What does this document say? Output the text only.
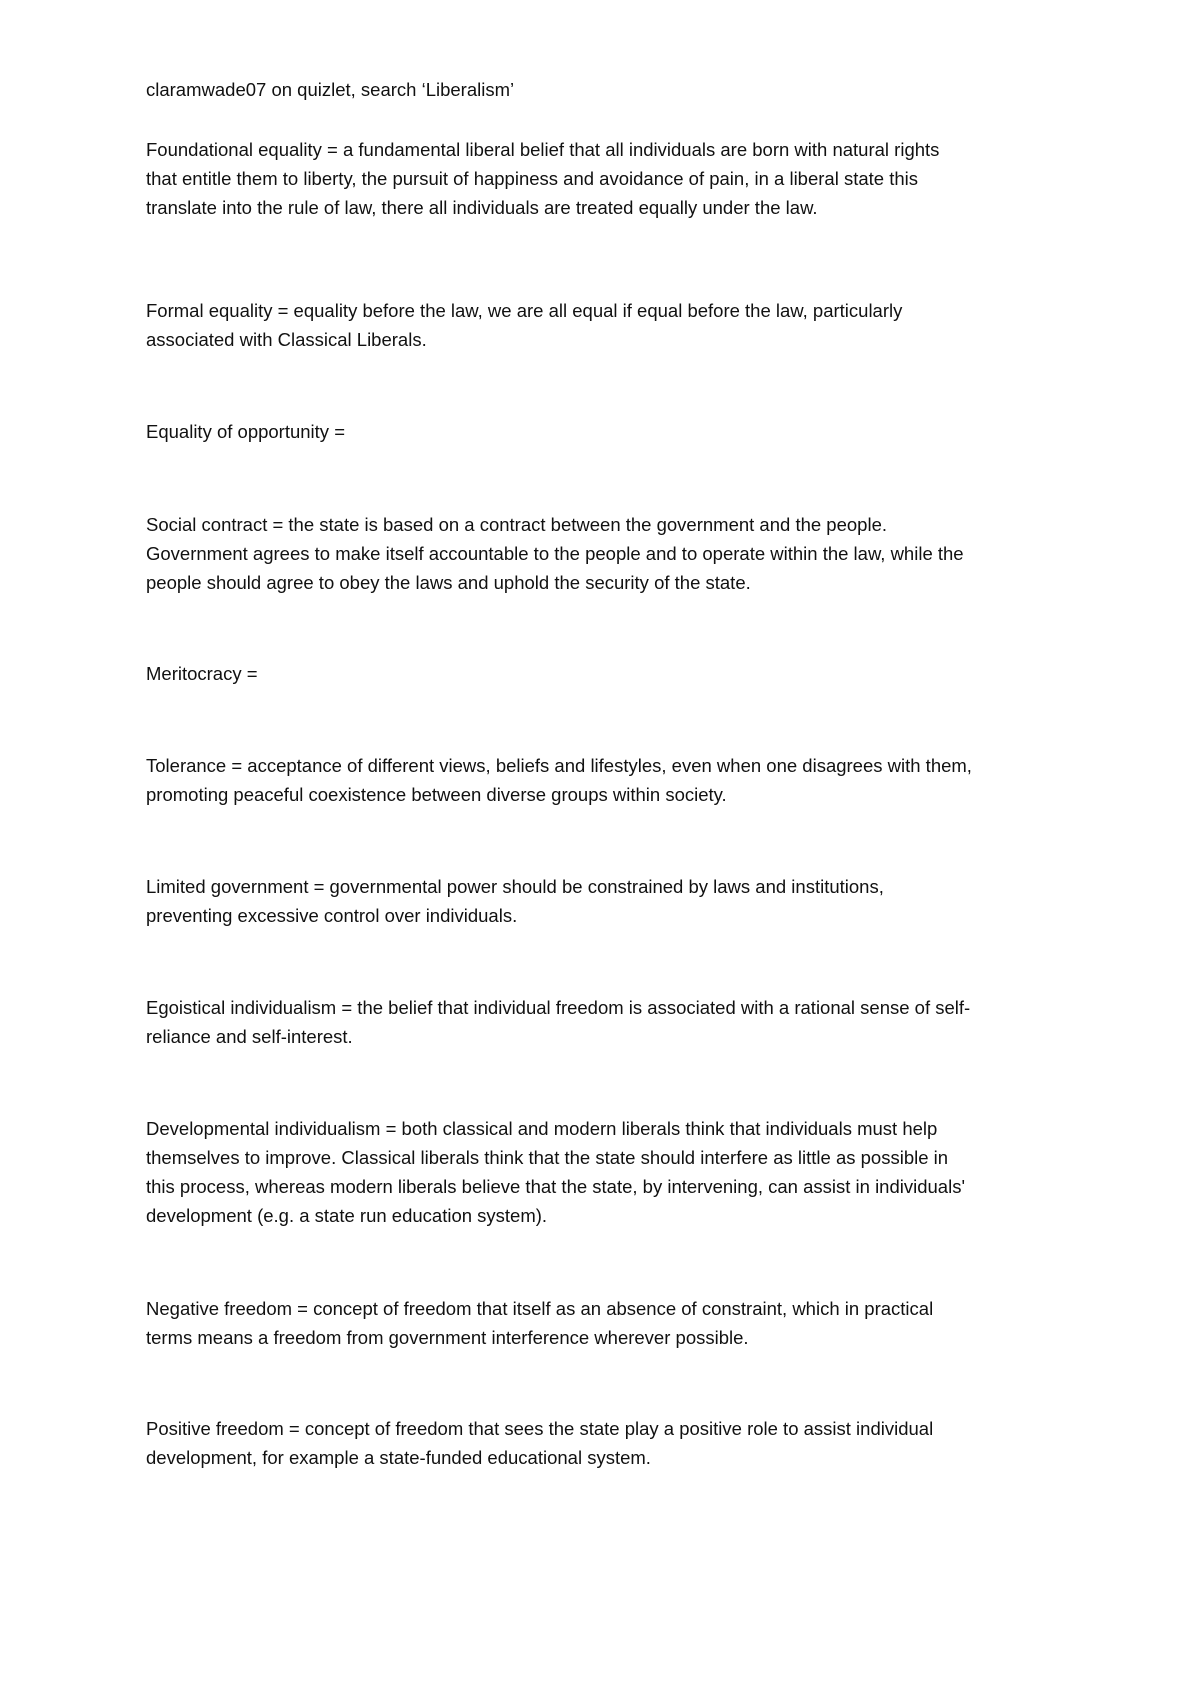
claramwade07 on quizlet, search ‘Liberalism’

Foundational equality = a fundamental liberal belief that all individuals are born with natural rights

that entitle them to liberty, the pursuit of happiness and avoidance of pain, in a liberal state this

translate into the rule of law, there all individuals are treated equally under the law.

Formal equality = equality before the law, we are all equal if equal before the law, particularly

associated with Classical Liberals.

Equality of opportunity =

Social contract = the state is based on a contract between the government and the people.

Government agrees to make itself accountable to the people and to operate within the law, while the

people should agree to obey the laws and uphold the security of the state.

Meritocracy =

Tolerance = acceptance of different views, beliefs and lifestyles, even when one disagrees with them,

promoting peaceful coexistence between diverse groups within society.

Limited government = governmental power should be constrained by laws and institutions,

preventing excessive control over individuals.

Egoistical individualism = the belief that individual freedom is associated with a rational sense of self-

reliance and self-interest.

Developmental individualism = both classical and modern liberals think that individuals must help

themselves to improve. Classical liberals think that the state should interfere as little as possible in

this process, whereas modern liberals believe that the state, by intervening, can assist in individuals'

development (e.g. a state run education system).

Negative freedom = concept of freedom that itself as an absence of constraint, which in practical

terms means a freedom from government interference wherever possible.

Positive freedom = concept of freedom that sees the state play a positive role to assist individual

development, for example a state-funded educational system.
